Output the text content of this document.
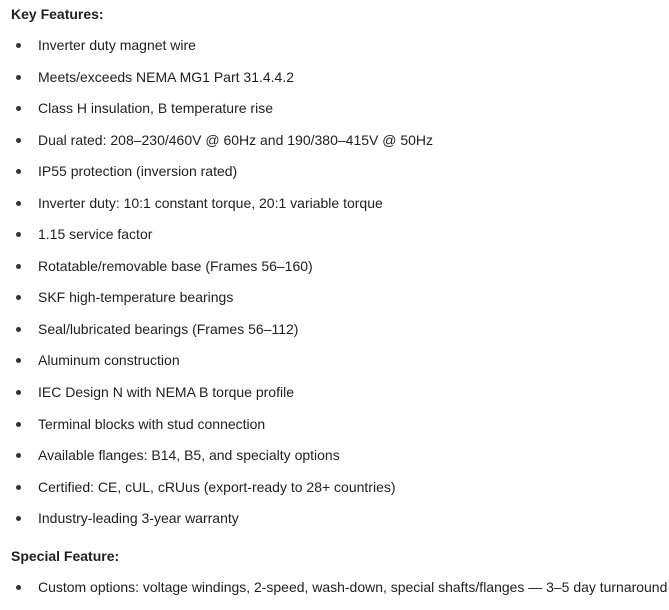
Key Features:
Inverter duty magnet wire
Meets/exceeds NEMA MG1 Part 31.4.4.2
Class H insulation, B temperature rise
Dual rated: 208–230/460V @ 60Hz and 190/380–415V @ 50Hz
IP55 protection (inversion rated)
Inverter duty: 10:1 constant torque, 20:1 variable torque
1.15 service factor
Rotatable/removable base (Frames 56–160)
SKF high-temperature bearings
Seal/lubricated bearings (Frames 56–112)
Aluminum construction
IEC Design N with NEMA B torque profile
Terminal blocks with stud connection
Available flanges: B14, B5, and specialty options
Certified: CE, cUL, cRUus (export-ready to 28+ countries)
Industry-leading 3-year warranty
Special Feature:
Custom options: voltage windings, 2-speed, wash-down, special shafts/flanges — 3–5 day turnaround
